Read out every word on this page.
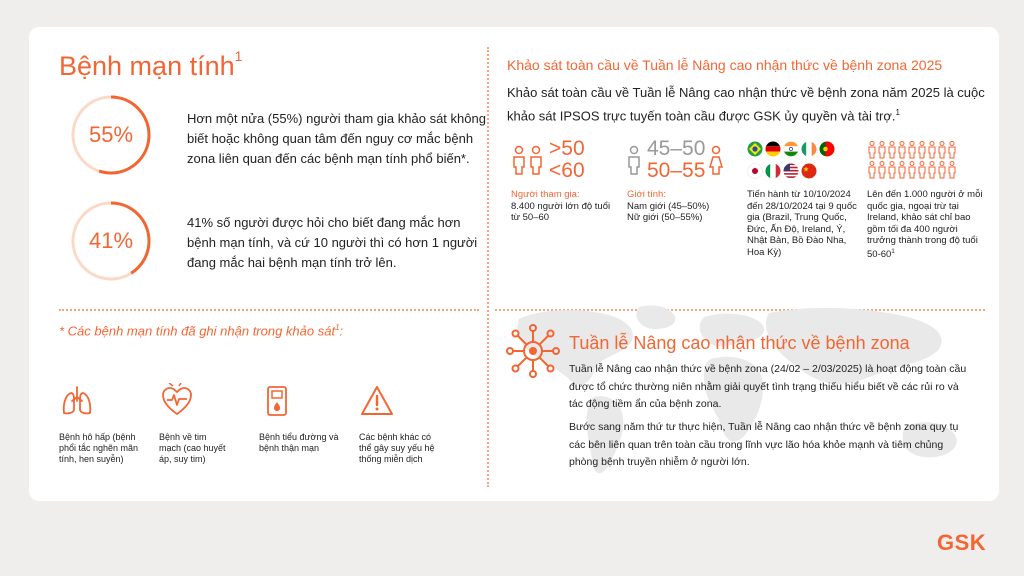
Bệnh mạn tính$^1$
55%
Hơn một nửa (55%) người tham gia khảo sát không biết hoặc không quan tâm đến nguy cơ mắc bệnh zona liên quan đến các bệnh mạn tính phổ biến*.
41%
41% số người được hỏi cho biết đang mắc hơn bệnh mạn tính, và cứ 10 người thì có hơn 1 người đang mắc hai bệnh mạn tính trở lên.
* Các bệnh mạn tính đã ghi nhận trong khảo sát$^1$:
Bệnh hô hấp (bệnh phổi tắc nghẽn mãn tính, hen suyễn)
Bệnh về tim mạch (cao huyết áp, suy tim)
Bệnh tiểu đường và bệnh thận mạn
Các bệnh khác có thể gây suy yếu hệ thống miễn dịch
Khảo sát toàn cầu về Tuần lễ Nâng cao nhận thức về bệnh zona 2025
Khảo sát toàn cầu về Tuần lễ Nâng cao nhận thức về bệnh zona năm 2025 là cuộc khảo sát IPSOS trực tuyến toàn cầu được GSK ủy quyền và tài trợ.$^1$
>50
<60
Người tham gia:
8.400 người lớn độ tuổi từ 50–60
45–50
50–55
Giới tính:
Nam giới (45–50%)
Nữ giới (50–55%)
Tiến hành từ 10/10/2024 đến 28/10/2024 tại 9 quốc gia (Brazil, Trung Quốc, Đức, Ấn Độ, Ireland, Ý, Nhật Bản, Bồ Đào Nha, Hoa Kỳ)
Lên đến 1.000 người ở mỗi quốc gia, ngoại trừ tại Ireland, khảo sát chỉ bao gồm tối đa 400 người trưởng thành trong độ tuổi $50-60^1$
Tuần lễ Nâng cao nhận thức về bệnh zona
Tuần lễ Nâng cao nhận thức về bệnh zona (24/02 – 2/03/2025) là hoạt động toàn cầu được tổ chức thường niên nhằm giải quyết tình trạng thiếu hiểu biết về các rủi ro và tác động tiềm ẩn của bệnh zona.
Bước sang năm thứ tư thực hiện, Tuần lễ Nâng cao nhận thức về bệnh zona quy tụ các bên liên quan trên toàn cầu trong lĩnh vực lão hóa khỏe mạnh và tiêm chủng phòng bệnh truyền nhiễm ở người lớn.
GSK
